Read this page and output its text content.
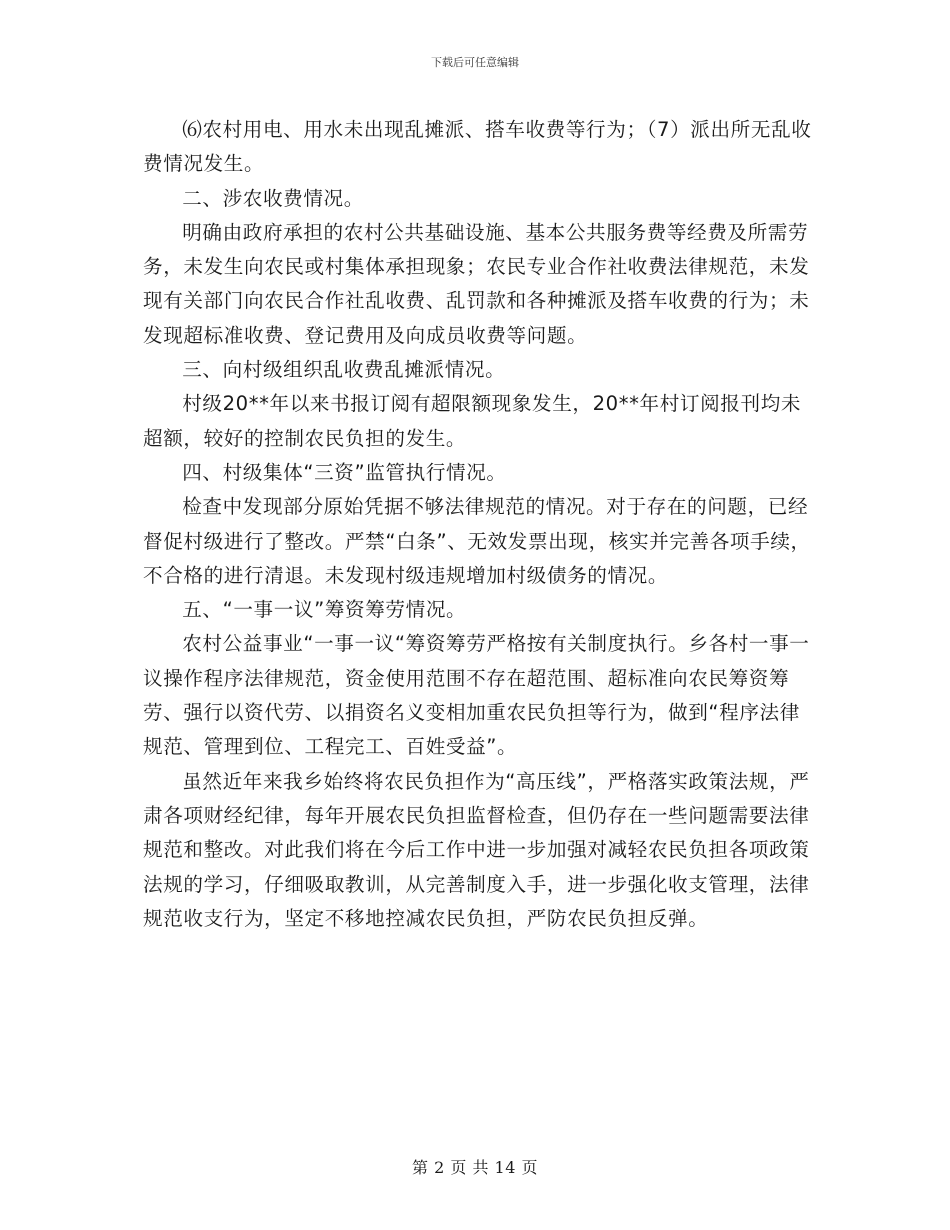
下载后可任意编辑

⑹农村用电、用水未出现乱摊派、搭车收费等行为；（7）派出所无乱收费情况发生。

二、涉农收费情况。

明确由政府承担的农村公共基础设施、基本公共服务费等经费及所需劳务，未发生向农民或村集体承担现象；农民专业合作社收费法律规范，未发现有关部门向农民合作社乱收费、乱罚款和各种摊派及搭车收费的行为；未发现超标准收费、登记费用及向成员收费等问题。

三、向村级组织乱收费乱摊派情况。

村级20**年以来书报订阅有超限额现象发生，20**年村订阅报刊均未超额，较好的控制农民负担的发生。

四、村级集体“三资”监管执行情况。

检查中发现部分原始凭据不够法律规范的情况。对于存在的问题，已经督促村级进行了整改。严禁“白条”、无效发票出现，核实并完善各项手续，不合格的进行清退。未发现村级违规增加村级债务的情况。

五、“一事一议”筹资筹劳情况。

农村公益事业“一事一议“筹资筹劳严格按有关制度执行。乡各村一事一议操作程序法律规范，资金使用范围不存在超范围、超标准向农民筹资筹劳、强行以资代劳、以捐资名义变相加重农民负担等行为，做到“程序法律规范、管理到位、工程完工、百姓受益”。

虽然近年来我乡始终将农民负担作为“高压线”，严格落实政策法规，严肃各项财经纪律，每年开展农民负担监督检查，但仍存在一些问题需要法律规范和整改。对此我们将在今后工作中进一步加强对减轻农民负担各项政策法规的学习，仔细吸取教训，从完善制度入手，进一步强化收支管理，法律规范收支行为，坚定不移地控减农民负担，严防农民负担反弹。

第 2 页 共 14 页
